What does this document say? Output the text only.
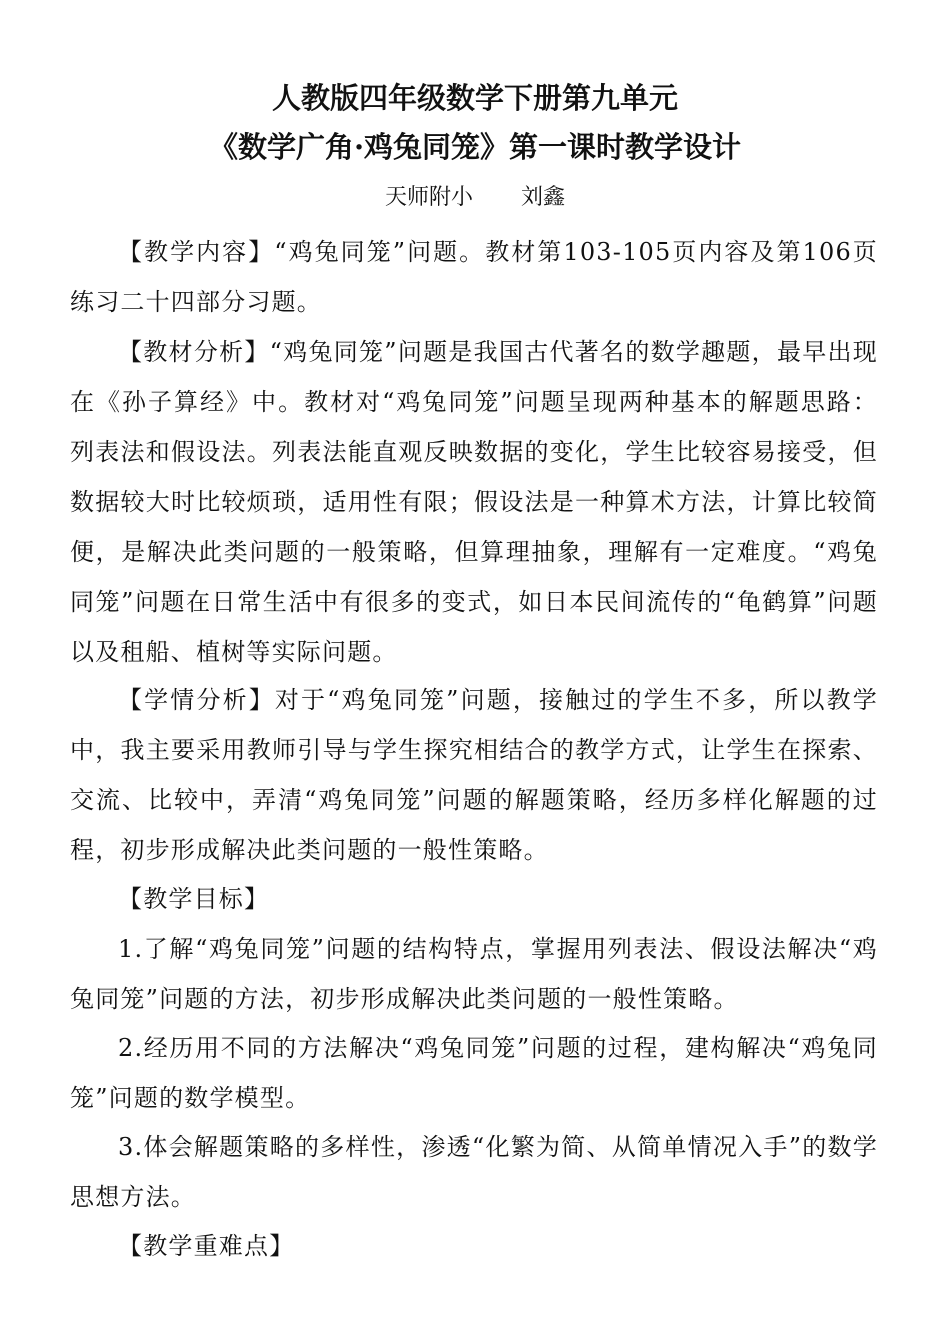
人教版四年级数学下册第九单元
《数学广角·鸡兔同笼》第一课时教学设计
天师附小 刘鑫

【教学内容】“鸡兔同笼”问题。教材第103-105页内容及第106页练习二十四部分习题。

【教材分析】“鸡兔同笼”问题是我国古代著名的数学趣题，最早出现在《孙子算经》中。教材对“鸡兔同笼”问题呈现两种基本的解题思路：列表法和假设法。列表法能直观反映数据的变化，学生比较容易接受，但数据较大时比较烦琐，适用性有限；假设法是一种算术方法，计算比较简便，是解决此类问题的一般策略，但算理抽象，理解有一定难度。“鸡兔同笼”问题在日常生活中有很多的变式，如日本民间流传的“龟鹤算”问题以及租船、植树等实际问题。

【学情分析】对于“鸡兔同笼”问题，接触过的学生不多，所以教学中，我主要采用教师引导与学生探究相结合的教学方式，让学生在探索、交流、比较中，弄清“鸡兔同笼”问题的解题策略，经历多样化解题的过程，初步形成解决此类问题的一般性策略。

【教学目标】

1.了解“鸡兔同笼”问题的结构特点，掌握用列表法、假设法解决“鸡兔同笼”问题的方法，初步形成解决此类问题的一般性策略。

2.经历用不同的方法解决“鸡兔同笼”问题的过程，建构解决“鸡兔同笼”问题的数学模型。

3.体会解题策略的多样性，渗透“化繁为简、从简单情况入手”的数学思想方法。

【教学重难点】
